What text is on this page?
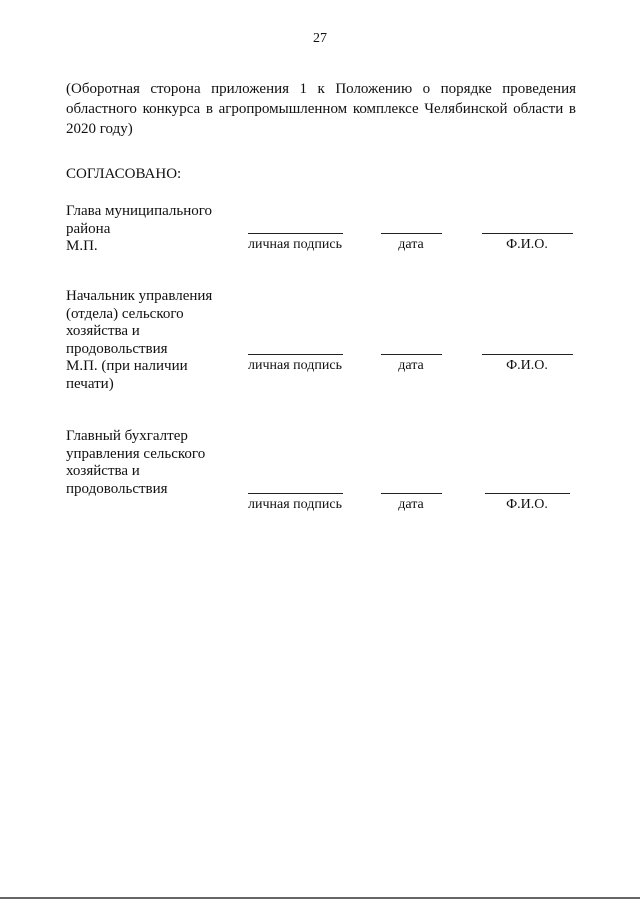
27
(Оборотная сторона приложения 1 к Положению о порядке проведения областного конкурса в агропромышленном комплексе Челябинской области в 2020 году)
СОГЛАСОВАНО:
Глава муниципального
района
М.П.	личная подпись	дата	Ф.И.О.
Начальник управления
(отдела) сельского
хозяйства и
продовольствия
М.П. (при наличии
печати)
личная подпись	дата	Ф.И.О.
Главный бухгалтер
управления сельского
хозяйства и
продовольствия
личная подпись	дата	Ф.И.О.
